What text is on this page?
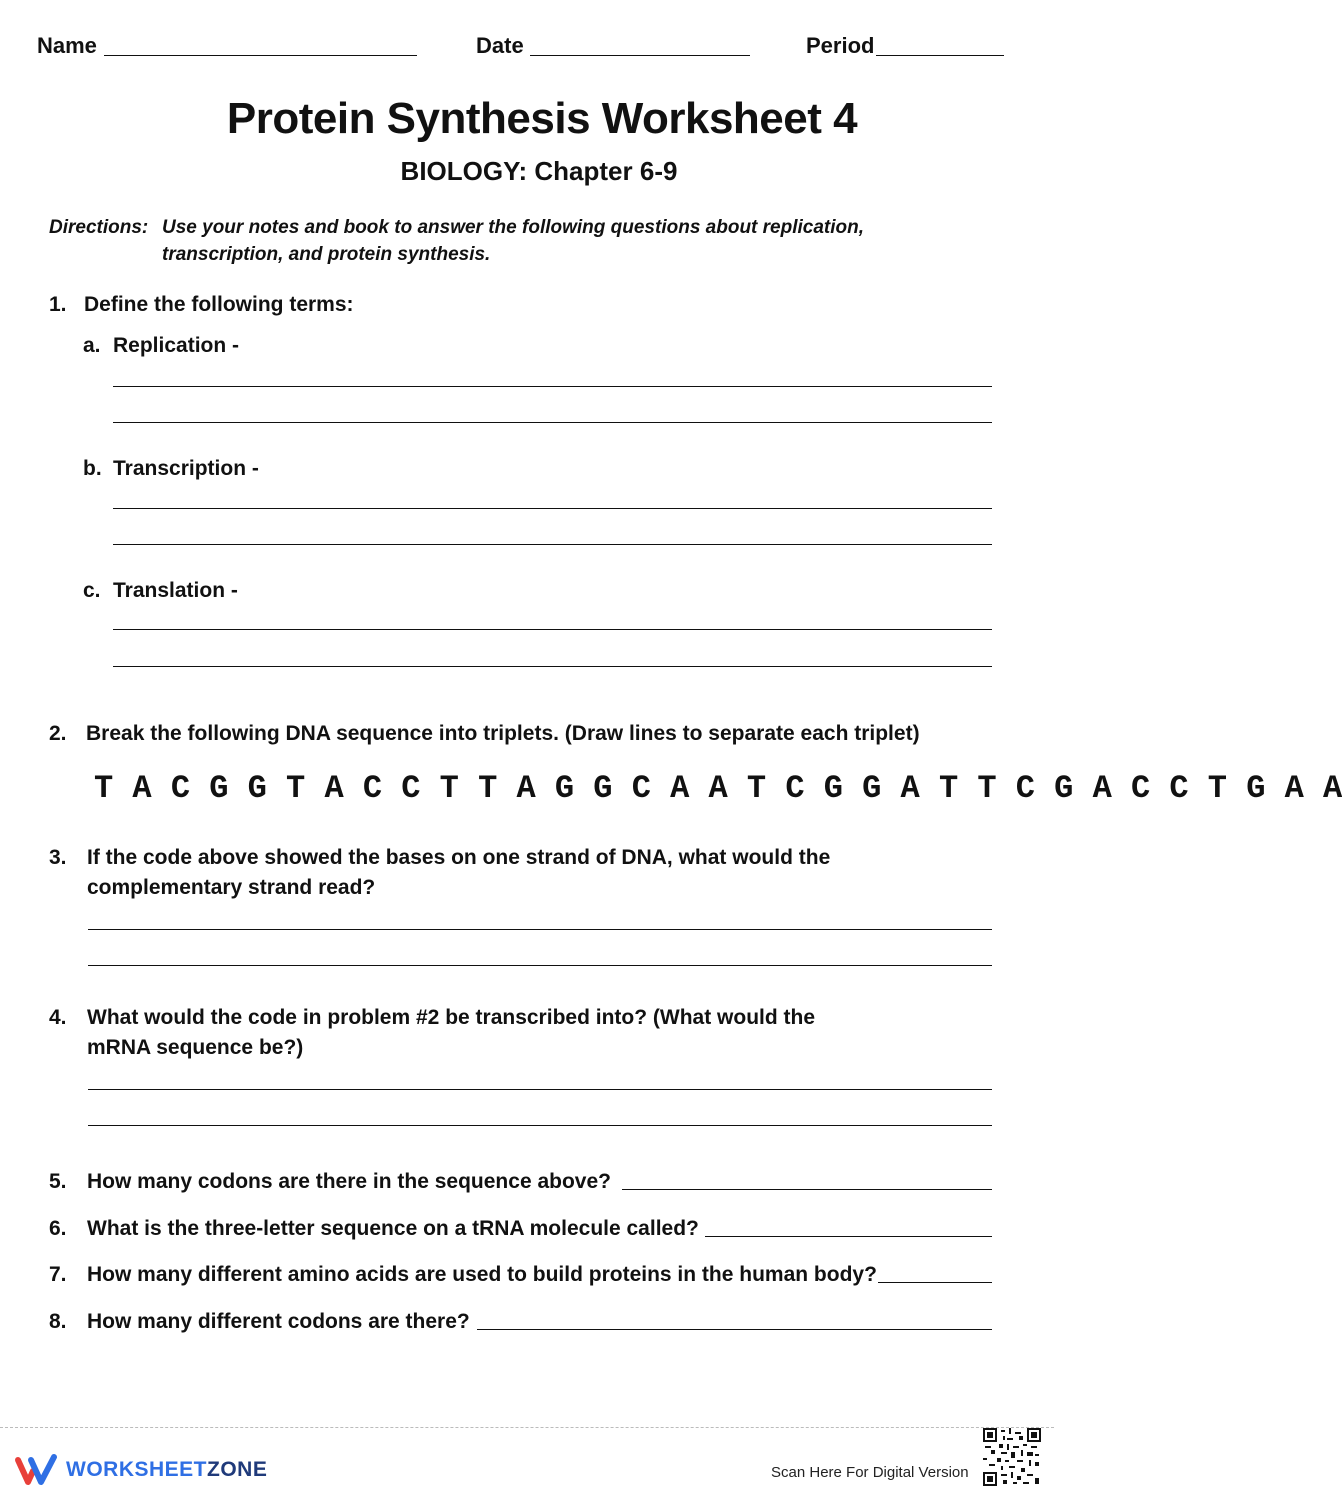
Name	Date	Period
Protein Synthesis Worksheet 4
BIOLOGY: Chapter 6-9
Directions: Use your notes and book to answer the following questions about replication,
transcription, and protein synthesis.
1. Define the following terms:
a. Replication -
b. Transcription -
c. Translation -
2. Break the following DNA sequence into triplets. (Draw lines to separate each triplet)
T A C G G T A C C T T A G G C A A T C G G A T T C G A C C T G A A
3. If the code above showed the bases on one strand of DNA, what would the
complementary strand read?
4. What would the code in problem #2 be transcribed into? (What would the
mRNA sequence be?)
5. How many codons are there in the sequence above?
6. What is the three-letter sequence on a tRNA molecule called?
7. How many different amino acids are used to build proteins in the human body?
8. How many different codons are there?
WORKSHEETZONE	Scan Here For Digital Version
